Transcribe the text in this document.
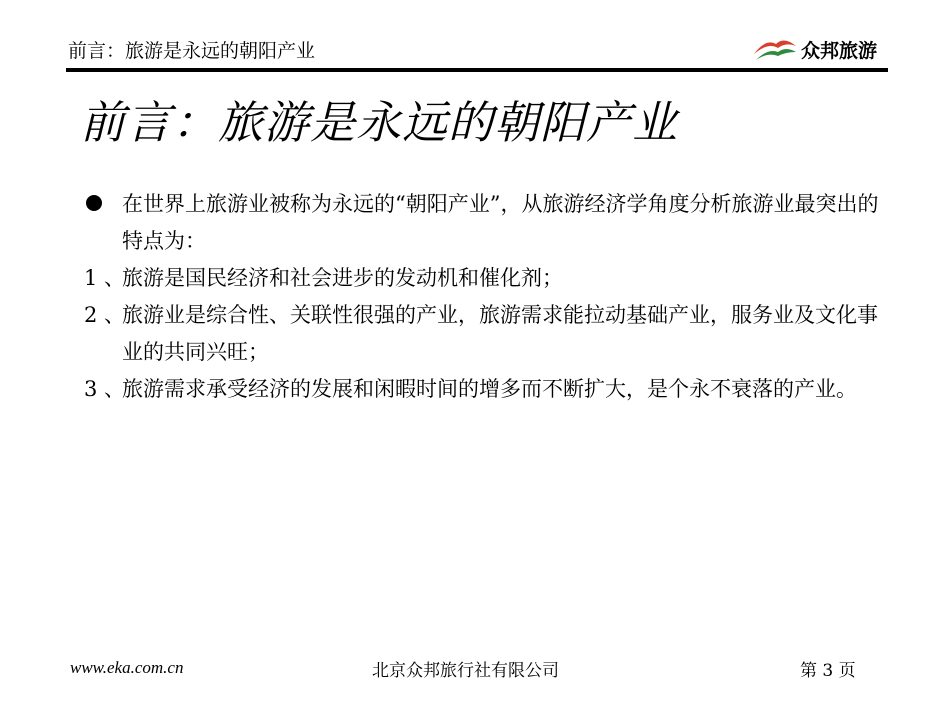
前言：旅游是永远的朝阳产业	众邦旅游
前言：旅游是永远的朝阳产业
在世界上旅游业被称为永远的“朝阳产业”，从旅游经济学角度分析旅游业最突出的特点为：
1 、
旅游是国民经济和社会进步的发动机和催化剂；
2 、
旅游业是综合性、关联性很强的产业，旅游需求能拉动基础产业，服务业及文化事业的共同兴旺；
3 、
旅游需求承受经济的发展和闲暇时间的增多而不断扩大，是个永不衰落的产业。
www.eka.com.cn	北京众邦旅行社有限公司	第 3 页
